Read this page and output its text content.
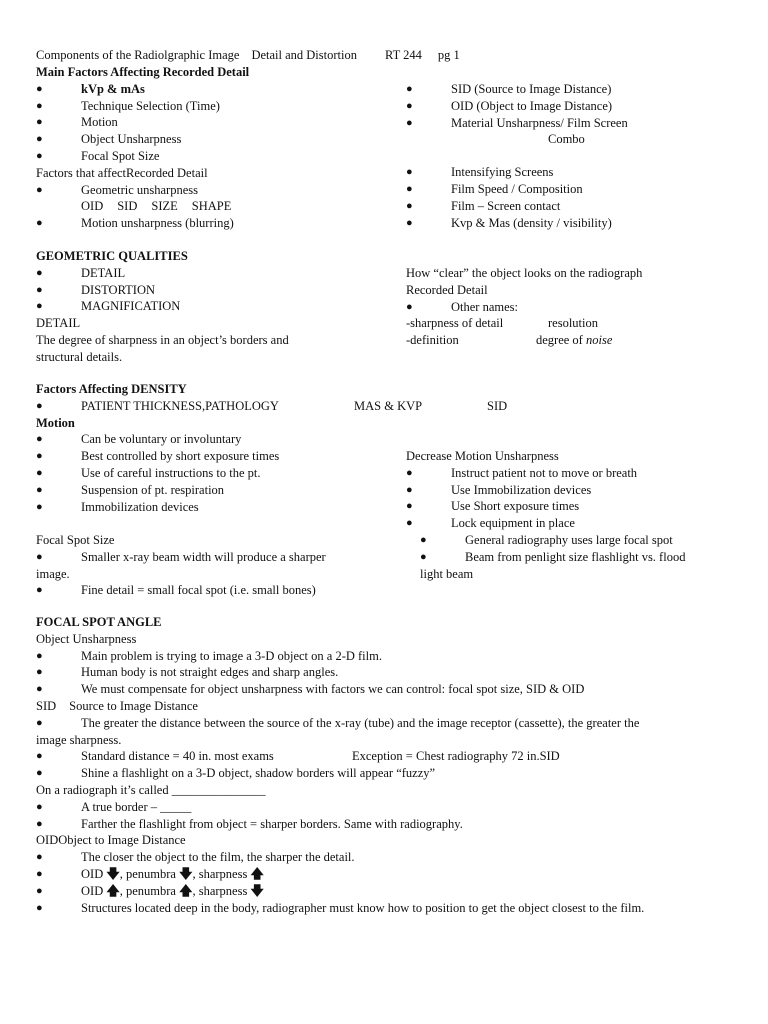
Components of the Radiolgraphic Image Detail and Distortion RT 244 pg 1
Main Factors Affecting Recorded Detail
●	kVp & mAs
●	Technique Selection (Time)
●	Motion
●	Object Unsharpness
●	Focal Spot Size
Factors that affectRecorded Detail
●	Geometric unsharpness
OID SID SIZE SHAPE
●	Motion unsharpness (blurring)
●	SID (Source to Image Distance)
●	OID (Object to Image Distance)
●	Material Unsharpness/ Film Screen
Combo
●	Intensifying Screens
●	Film Speed / Composition
●	Film – Screen contact
●	Kvp & Mas (density / visibility)
GEOMETRIC QUALITIES
●	DETAIL
●	DISTORTION
●	MAGNIFICATION
DETAIL
The degree of sharpness in an object’s borders and structural details.
How “clear” the object looks on the radiograph
Recorded Detail
●	Other names:
-sharpness of detail	resolution
-definition	degree of noise
Factors Affecting DENSITY
●	PATIENT THICKNESS,PATHOLOGY	MAS & KVP	SID
Motion
●	Can be voluntary or involuntary
●	Best controlled by short exposure times
●	Use of careful instructions to the pt.
●	Suspension of pt. respiration
●	Immobilization devices
Decrease Motion Unsharpness
●	Instruct patient not to move or breath
●	Use Immobilization devices
●	Use Short exposure times
●	Lock equipment in place
●	General radiography uses large focal spot
●	Beam from penlight size flashlight vs. flood
light beam
Focal Spot Size
●	Smaller x-ray beam width will produce a sharper
image.
●	Fine detail = small focal spot (i.e. small bones)
FOCAL SPOT ANGLE
Object Unsharpness
●	Main problem is trying to image a 3-D object on a 2-D film.
●	Human body is not straight edges and sharp angles.
●	We must compensate for object unsharpness with factors we can control: focal spot size, SID & OID
SID Source to Image Distance
●	The greater the distance between the source of the x-ray (tube) and the image receptor (cassette), the greater the
image sharpness.
●	Standard distance = 40 in. most exams	Exception = Chest radiography 72 in.SID
●	Shine a flashlight on a 3-D object, shadow borders will appear “fuzzy”
On a radiograph it’s called _______________
●	A true border – _____
●	Farther the flashlight from object = sharper borders. Same with radiography.
OIDObject to Image Distance
●	The closer the object to the film, the sharper the detail.
●	OID 🡇, penumbra 🡇, sharpness 🡅
●	OID 🡅, penumbra 🡅, sharpness 🡇
●	Structures located deep in the body, radiographer must know how to position to get the object closest to the film.
